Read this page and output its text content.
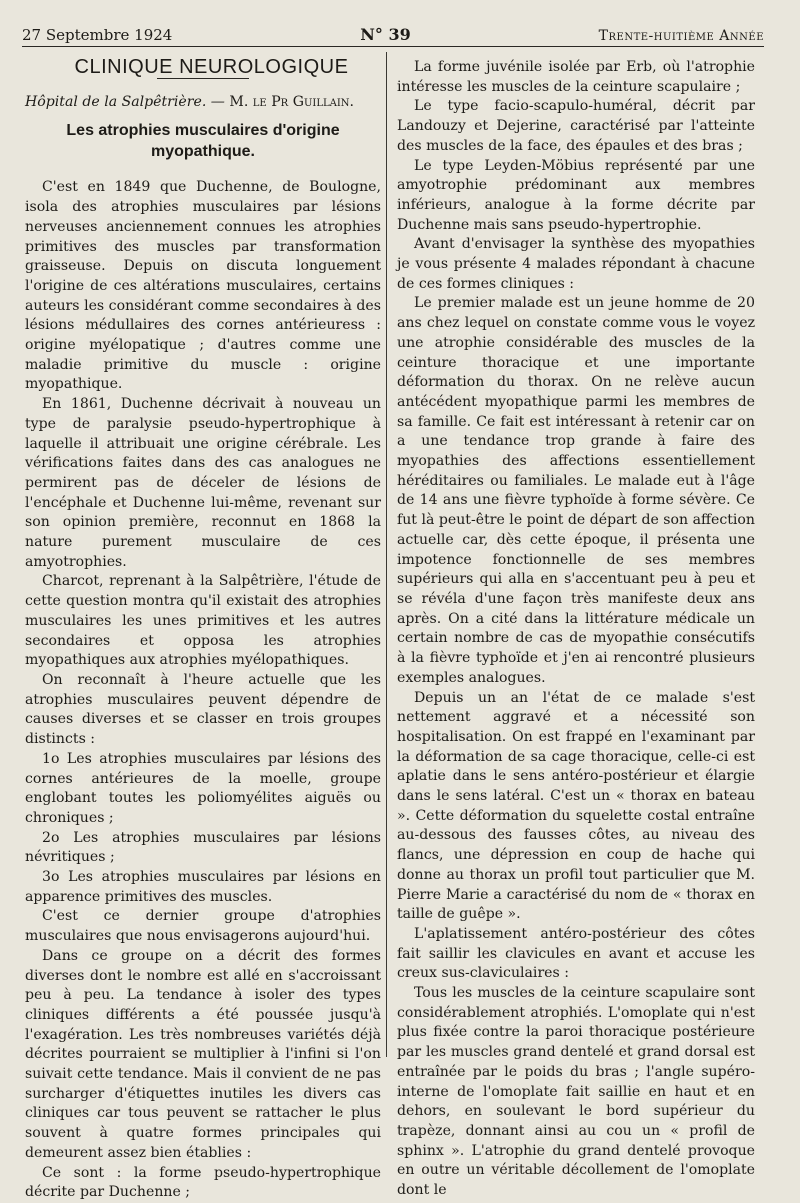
27 Septembre 1924	N° 39	Trente-huitième Année

CLINIQUE NEUROLOGIQUE

Hôpital de la Salpêtrière. — M. le Pr Guillain.

Les atrophies musculaires d'origine myopathique.

C'est en 1849 que Duchenne, de Boulogne, isola des atrophies musculaires par lésions nerveuses anciennement connues les atrophies primitives des muscles par transformation graisseuse. Depuis on discuta longuement l'origine de ces altérations musculaires, certains auteurs les considérant comme secondaires à des lésions médullaires des cornes antérieuress : origine myélopatique ; d'autres comme une maladie primitive du muscle : origine myopathique.

En 1861, Duchenne décrivait à nouveau un type de paralysie pseudo-hypertrophique à laquelle il attribuait une origine cérébrale. Les vérifications faites dans des cas analogues ne permirent pas de déceler de lésions de l'encéphale et Duchenne lui-même, revenant sur son opinion première, reconnut en 1868 la nature purement musculaire de ces amyotrophies.

Charcot, reprenant à la Salpêtrière, l'étude de cette question montra qu'il existait des atrophies musculaires les unes primitives et les autres secondaires et opposa les atrophies myopathiques aux atrophies myélopathiques.

On reconnaît à l'heure actuelle que les atrophies musculaires peuvent dépendre de causes diverses et se classer en trois groupes distincts :

1o Les atrophies musculaires par lésions des cornes antérieures de la moelle, groupe englobant toutes les poliomyélites aiguës ou chroniques ;

2o Les atrophies musculaires par lésions névritiques ;

3o Les atrophies musculaires par lésions en apparence primitives des muscles.

C'est ce dernier groupe d'atrophies musculaires que nous envisagerons aujourd'hui.

Dans ce groupe on a décrit des formes diverses dont le nombre est allé en s'accroissant peu à peu. La tendance à isoler des types cliniques différents a été poussée jusqu'à l'exagération. Les très nombreuses variétés déjà décrites pourraient se multiplier à l'infini si l'on suivait cette tendance. Mais il convient de ne pas surcharger d'étiquettes inutiles les divers cas cliniques car tous peuvent se rattacher le plus souvent à quatre formes principales qui demeurent assez bien établies :

Ce sont : la forme pseudo-hypertrophique décrite par Duchenne ;

La forme juvénile isolée par Erb, où l'atrophie intéresse les muscles de la ceinture scapulaire ;

Le type facio-scapulo-huméral, décrit par Landouzy et Dejerine, caractérisé par l'atteinte des muscles de la face, des épaules et des bras ;

Le type Leyden-Möbius représenté par une amyotrophie prédominant aux membres inférieurs, analogue à la forme décrite par Duchenne mais sans pseudo-hypertrophie.

Avant d'envisager la synthèse des myopathies je vous présente 4 malades répondant à chacune de ces formes cliniques :

Le premier malade est un jeune homme de 20 ans chez lequel on constate comme vous le voyez une atrophie considérable des muscles de la ceinture thoracique et une importante déformation du thorax. On ne relève aucun antécédent myopathique parmi les membres de sa famille. Ce fait est intéressant à retenir car on a une tendance trop grande à faire des myopathies des affections essentiellement héréditaires ou familiales. Le malade eut à l'âge de 14 ans une fièvre typhoïde à forme sévère. Ce fut là peut-être le point de départ de son affection actuelle car, dès cette époque, il présenta une impotence fonctionnelle de ses membres supérieurs qui alla en s'accentuant peu à peu et se révéla d'une façon très manifeste deux ans après. On a cité dans la littérature médicale un certain nombre de cas de myopathie consécutifs à la fièvre typhoïde et j'en ai rencontré plusieurs exemples analogues.

Depuis un an l'état de ce malade s'est nettement aggravé et a nécessité son hospitalisation. On est frappé en l'examinant par la déformation de sa cage thoracique, celle-ci est aplatie dans le sens antéro-postérieur et élargie dans le sens latéral. C'est un « thorax en bateau ». Cette déformation du squelette costal entraîne au-dessous des fausses côtes, au niveau des flancs, une dépression en coup de hache qui donne au thorax un profil tout particulier que M. Pierre Marie a caractérisé du nom de « thorax en taille de guêpe ».

L'aplatissement antéro-postérieur des côtes fait saillir les clavicules en avant et accuse les creux sus-claviculaires :

Tous les muscles de la ceinture scapulaire sont considérablement atrophiés. L'omoplate qui n'est plus fixée contre la paroi thoracique postérieure par les muscles grand dentelé et grand dorsal est entraînée par le poids du bras ; l'angle supéro-interne de l'omoplate fait saillie en haut et en dehors, en soulevant le bord supérieur du trapèze, donnant ainsi au cou un « profil de sphinx ». L'atrophie du grand dentelé provoque en outre un véritable décollement de l'omoplate dont le
